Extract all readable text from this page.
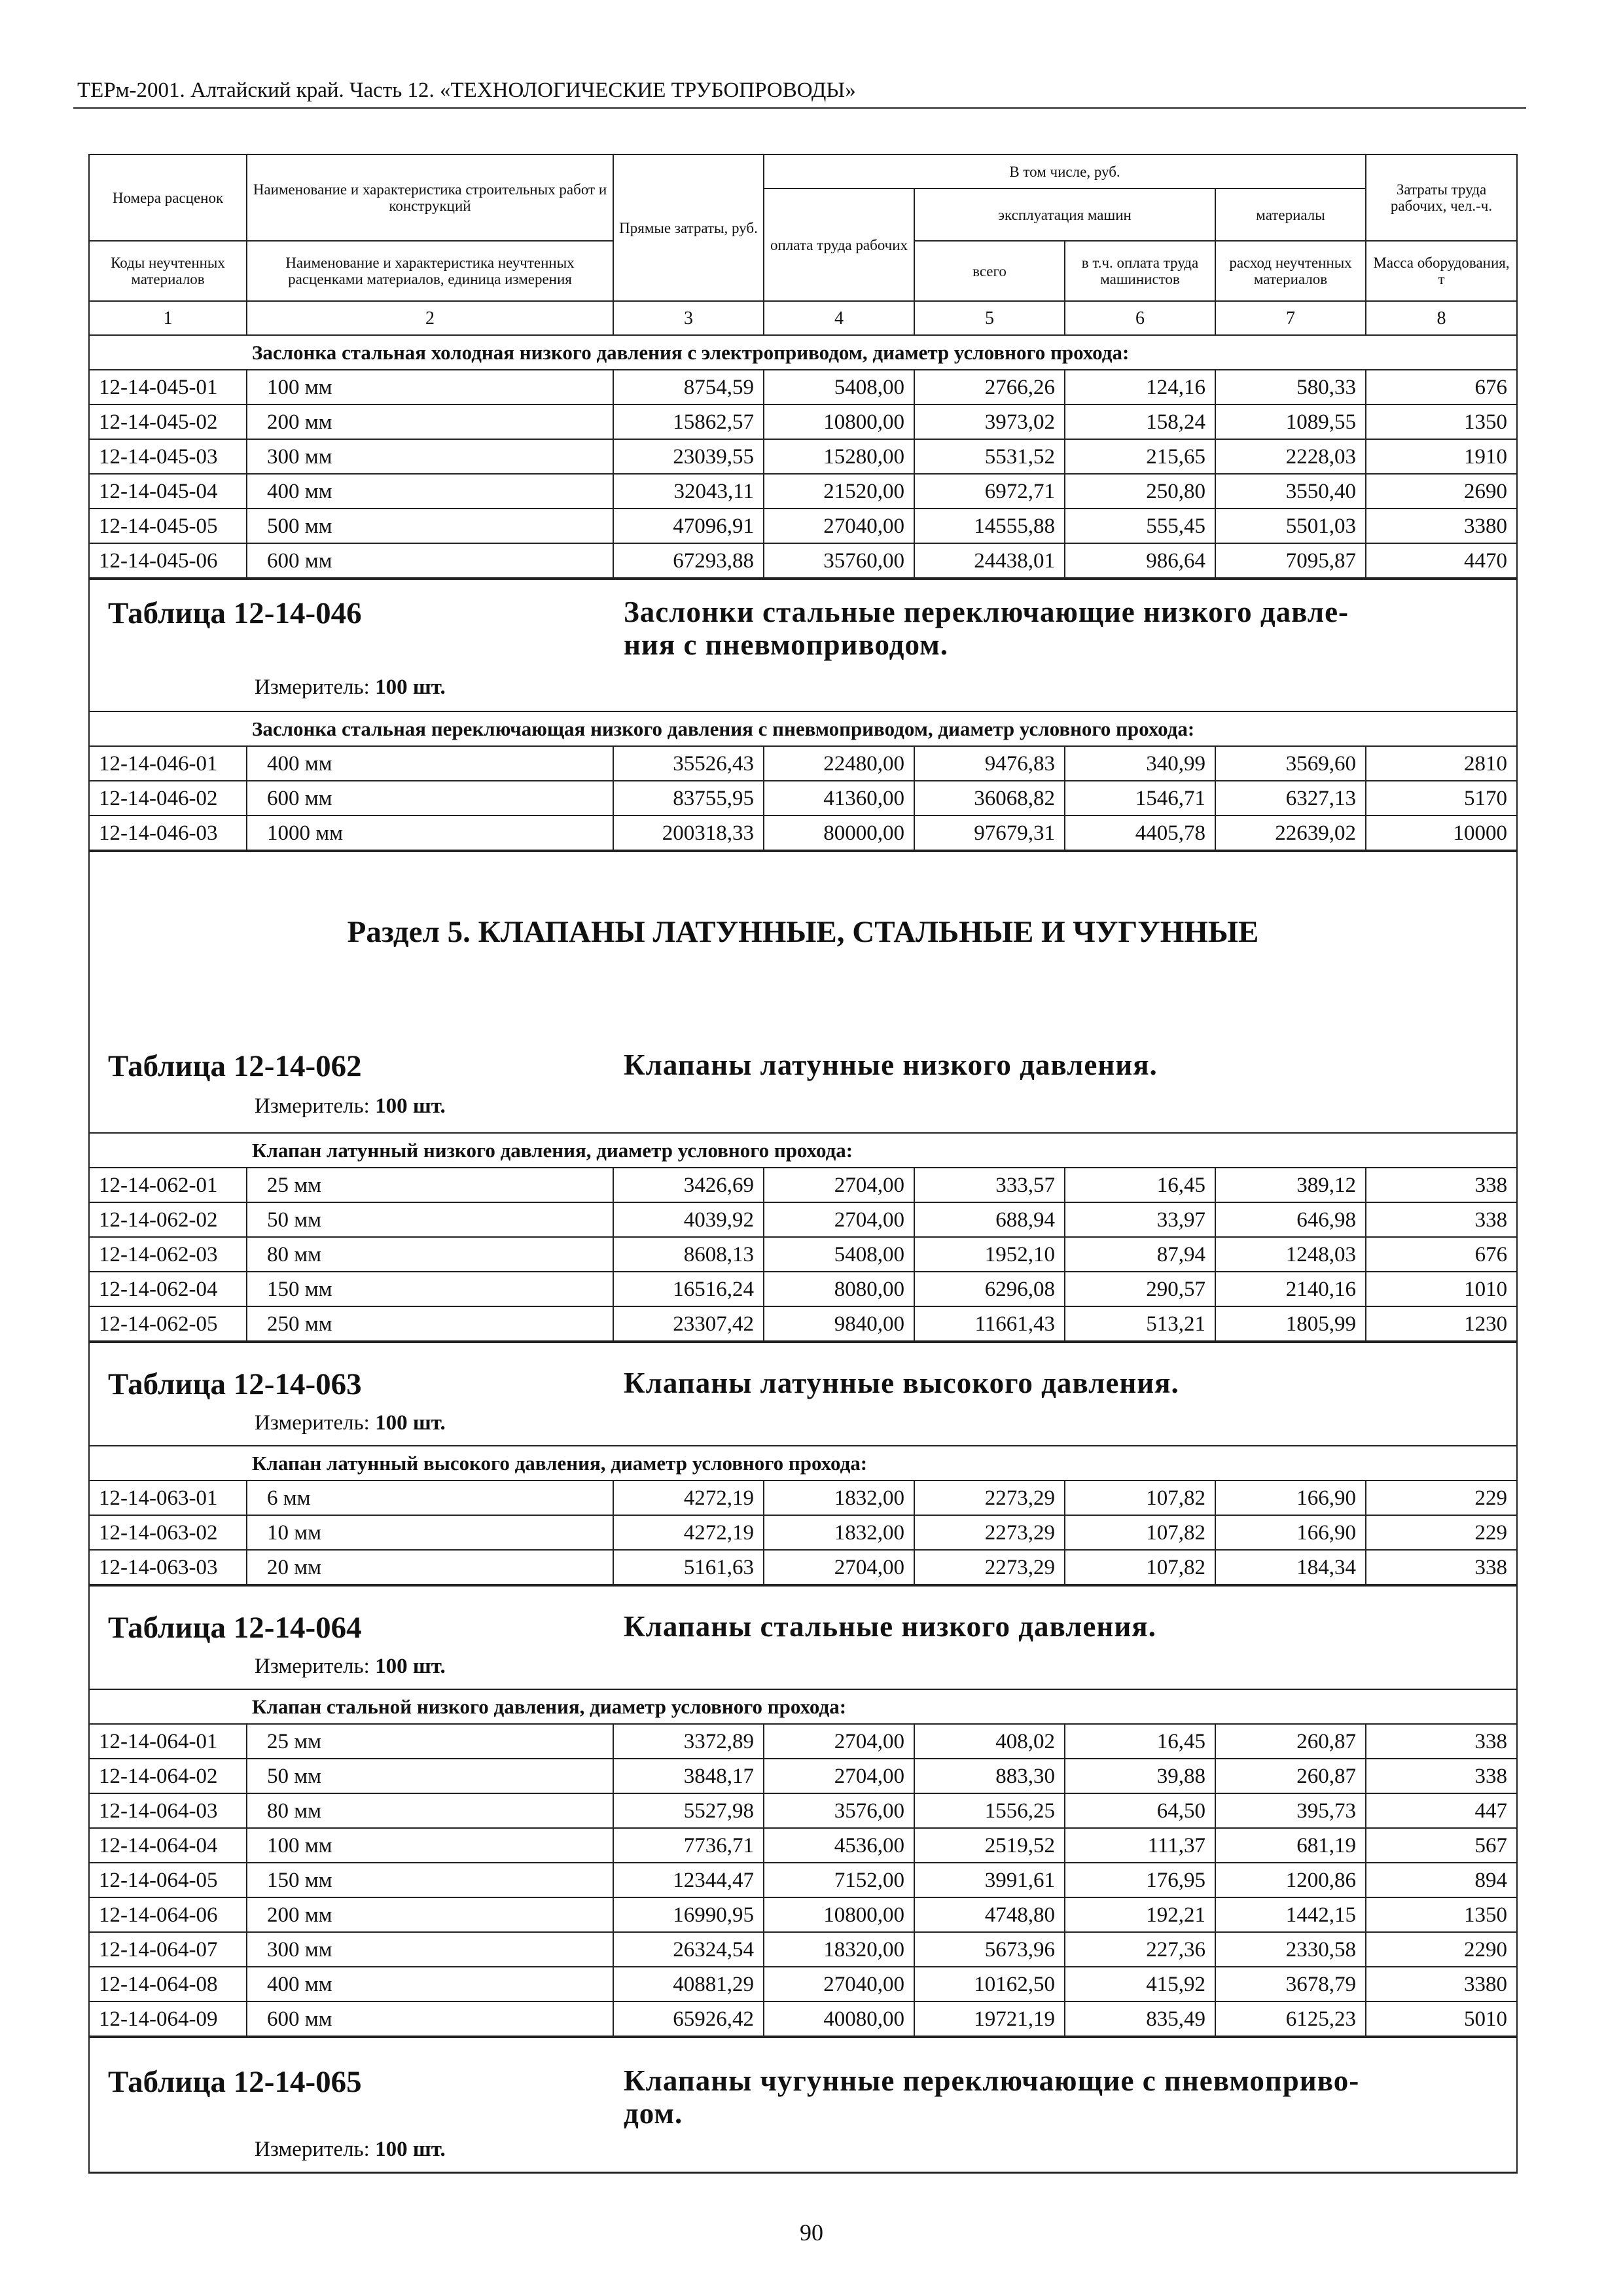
ТЕРм-2001. Алтайский край. Часть 12. «ТЕХНОЛОГИЧЕСКИЕ ТРУБОПРОВОДЫ»
Номера расценок	Наименование и характеристика строительных работ и конструкций	Прямые затраты, руб.	В том числе, руб.				Затраты труда рабочих, чел.-ч.
			оплата труда рабочих	эксплуатация машин		материалы	
Коды неучтенных материалов	Наименование и характеристика неучтенных расценками материалов, единица измерения			всего	в т.ч. оплата труда машинистов	расход неучтенных материалов	Масса оборудования, т

1	2	3	4	5	6	7	8
Заслонка стальная холодная низкого давления с электроприводом, диаметр условного прохода:							
12-14-045-01	100 мм	8754,59	5408,00	2766,26	124,16	580,33	676
12-14-045-02	200 мм	15862,57	10800,00	3973,02	158,24	1089,55	1350
12-14-045-03	300 мм	23039,55	15280,00	5531,52	215,65	2228,03	1910
12-14-045-04	400 мм	32043,11	21520,00	6972,71	250,80	3550,40	2690
12-14-045-05	500 мм	47096,91	27040,00	14555,88	555,45	5501,03	3380
12-14-045-06	600 мм	67293,88	35760,00	24438,01	986,64	7095,87	4470
Таблица 12-14-046	Заслонки стальные переключающие низкого давле-
ния с пневмоприводом.
Измеритель: 100 шт.
Заслонка стальная переключающая низкого давления с пневмоприводом, диаметр условного прохода:							
12-14-046-01	400 мм	35526,43	22480,00	9476,83	340,99	3569,60	2810
12-14-046-02	600 мм	83755,95	41360,00	36068,82	1546,71	6327,13	5170
12-14-046-03	1000 мм	200318,33	80000,00	97679,31	4405,78	22639,02	10000
Раздел 5. КЛАПАНЫ ЛАТУННЫЕ, СТАЛЬНЫЕ И ЧУГУННЫЕ
Таблица 12-14-062	Клапаны латунные низкого давления.
Измеритель: 100 шт.
Клапан латунный низкого давления, диаметр условного прохода:							
12-14-062-01	25 мм	3426,69	2704,00	333,57	16,45	389,12	338
12-14-062-02	50 мм	4039,92	2704,00	688,94	33,97	646,98	338
12-14-062-03	80 мм	8608,13	5408,00	1952,10	87,94	1248,03	676
12-14-062-04	150 мм	16516,24	8080,00	6296,08	290,57	2140,16	1010
12-14-062-05	250 мм	23307,42	9840,00	11661,43	513,21	1805,99	1230
Таблица 12-14-063	Клапаны латунные высокого давления.
Измеритель: 100 шт.
Клапан латунный высокого давления, диаметр условного прохода:							
12-14-063-01	6 мм	4272,19	1832,00	2273,29	107,82	166,90	229
12-14-063-02	10 мм	4272,19	1832,00	2273,29	107,82	166,90	229
12-14-063-03	20 мм	5161,63	2704,00	2273,29	107,82	184,34	338
Таблица 12-14-064	Клапаны стальные низкого давления.
Измеритель: 100 шт.
Клапан стальной низкого давления, диаметр условного прохода:							
12-14-064-01	25 мм	3372,89	2704,00	408,02	16,45	260,87	338
12-14-064-02	50 мм	3848,17	2704,00	883,30	39,88	260,87	338
12-14-064-03	80 мм	5527,98	3576,00	1556,25	64,50	395,73	447
12-14-064-04	100 мм	7736,71	4536,00	2519,52	111,37	681,19	567
12-14-064-05	150 мм	12344,47	7152,00	3991,61	176,95	1200,86	894
12-14-064-06	200 мм	16990,95	10800,00	4748,80	192,21	1442,15	1350
12-14-064-07	300 мм	26324,54	18320,00	5673,96	227,36	2330,58	2290
12-14-064-08	400 мм	40881,29	27040,00	10162,50	415,92	3678,79	3380
12-14-064-09	600 мм	65926,42	40080,00	19721,19	835,49	6125,23	5010
Таблица 12-14-065	Клапаны чугунные переключающие с пневмоприво-
дом.
Измеритель: 100 шт.
90
